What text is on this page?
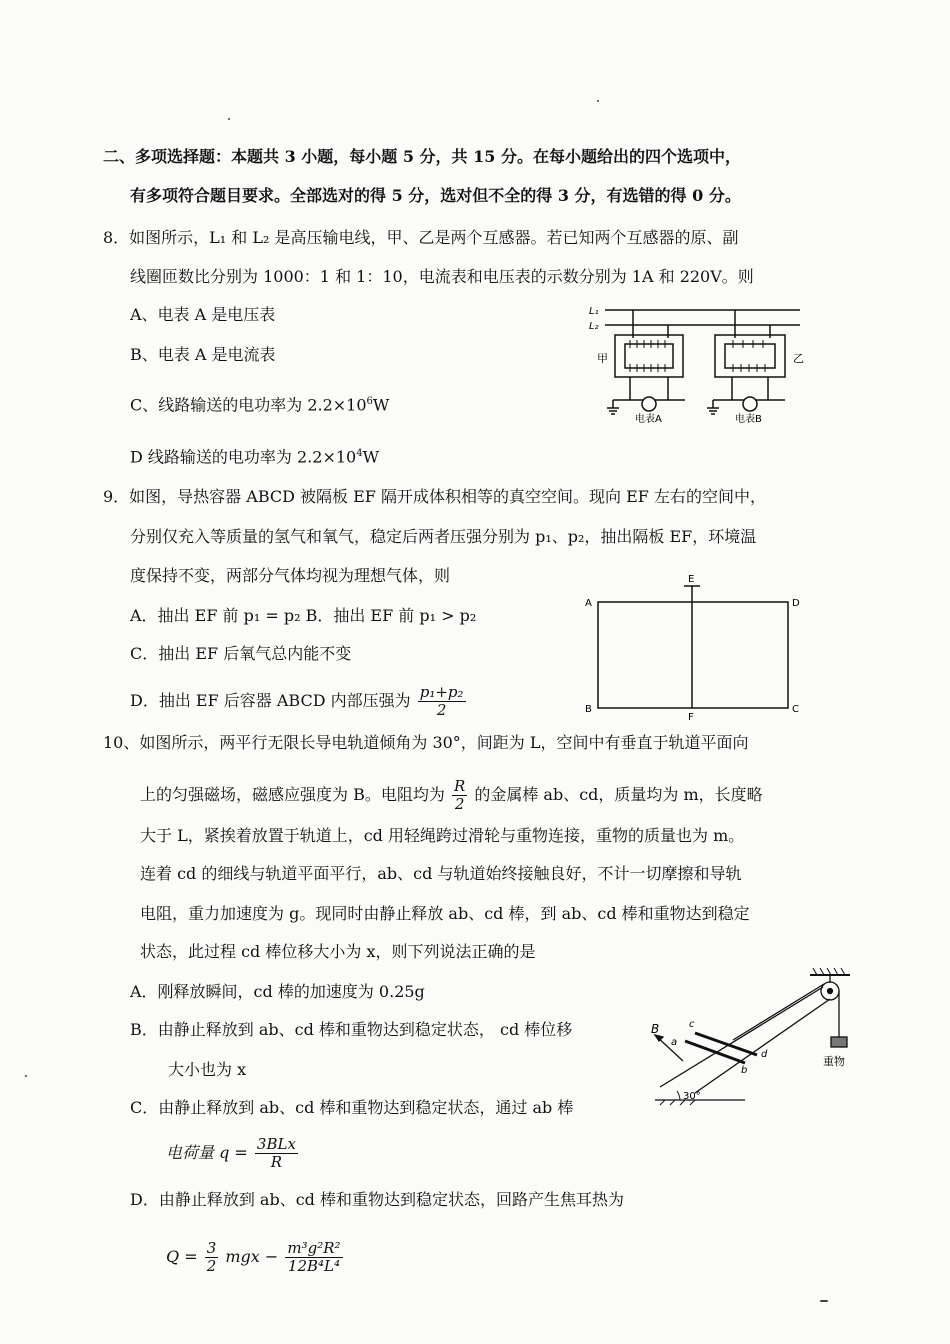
二、多项选择题：本题共 3 小题，每小题 5 分，共 15 分。在每小题给出的四个选项中，
有多项符合题目要求。全部选对的得 5 分，选对但不全的得 3 分，有选错的得 0 分。
8．如图所示，L₁ 和 L₂ 是高压输电线，甲、乙是两个互感器。若已知两个互感器的原、副
线圈匝数比分别为 1000：1 和 1：10，电流表和电压表的示数分别为 1A 和 220V。则
A、电表 A 是电压表
B、电表 A 是电流表
C、线路输送的电功率为 $2.2\times 10^6W$
D 线路输送的电功率为 $2.2\times 10^4W$
L₁
L₂
甲	乙
电表A	电表B
9．如图，导热容器 ABCD 被隔板 EF 隔开成体积相等的真空空间。现向 EF 左右的空间中，
分别仅充入等质量的氢气和氧气，稳定后两者压强分别为 p₁、p₂，抽出隔板 EF，环境温
度保持不变，两部分气体均视为理想气体，则
A．抽出 EF 前 p₁ = p₂ B．抽出 EF 前 p₁ > p₂
C．抽出 EF 后氧气总内能不变
D．抽出 EF 后容器 ABCD 内部压强为 $\frac{\text{p₁+p₂}}{2}$
E
A	D
B	C
F
10、如图所示，两平行无限长导电轨道倾角为 30°，间距为 L，空间中有垂直于轨道平面向
上的匀强磁场，磁感应强度为 B。电阻均为 $\frac{R}{2}$ 的金属棒 ab、cd，质量均为 m，长度略
大于 L，紧挨着放置于轨道上，cd 用轻绳跨过滑轮与重物连接，重物的质量也为 m。
连着 cd 的细线与轨道平面平行，ab、cd 与轨道始终接触良好，不计一切摩擦和导轨
电阻，重力加速度为 g。现同时由静止释放 ab、cd 棒，到 ab、cd 棒和重物达到稳定
状态，此过程 cd 棒位移大小为 x，则下列说法正确的是
A．刚释放瞬间，cd 棒的加速度为 0.25g
B．由静止释放到 ab、cd 棒和重物达到稳定状态， cd 棒位移
大小也为 x
C．由静止释放到 ab、cd 棒和重物达到稳定状态，通过 ab 棒
电荷量 $q = \frac{\text{3BLx}}{R}$
D．由静止释放到 ab、cd 棒和重物达到稳定状态，回路产生焦耳热为
$Q = \frac{3}{2}$ mgx − $\frac{\text{m³g²R²}}{\text{12B⁴L⁴}}$
B
a
b
c
d
30°
重物
